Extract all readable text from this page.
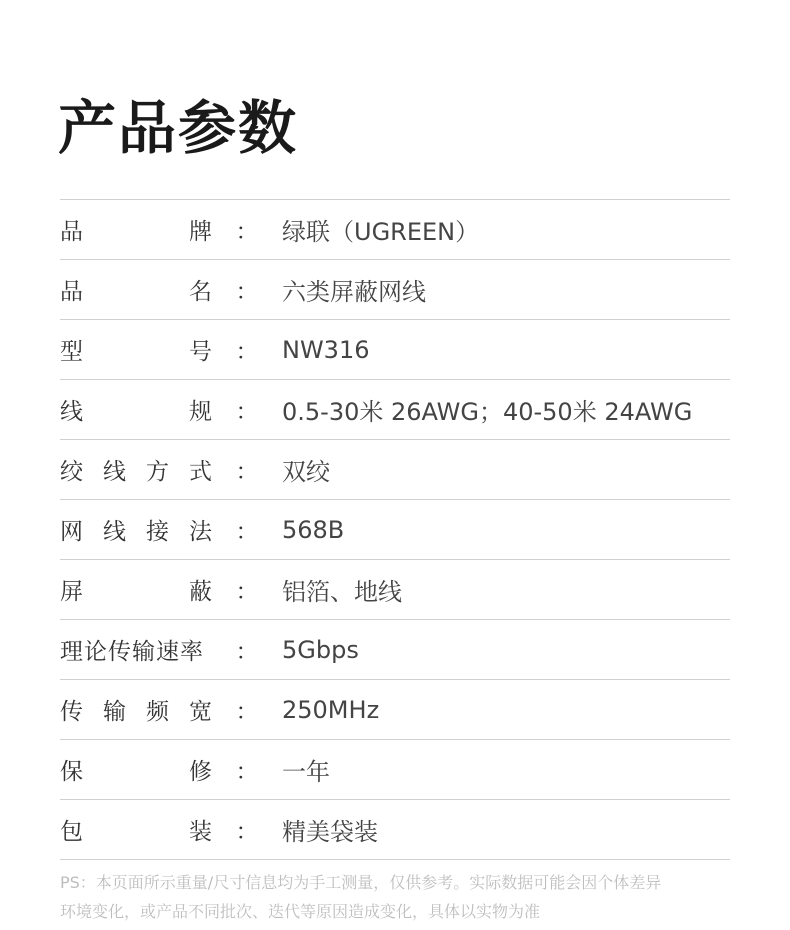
产品参数
品	牌	： 绿联（UGREEN）
品	名	： 六类屏蔽网线
型	号	： NW316
线	规	： 0.5-30米 26AWG；40-50米 24AWG
绞 线 方 式	： 双绞
网 线 接 法	： 568B
屏	蔽	： 铝箔、地线
理论传输速率	： 5Gbps
传 输 频 宽	： 250MHz
保	修	： 一年
包	装	： 精美袋装
PS：本页面所示重量/尺寸信息均为手工测量，仅供参考。实际数据可能会因个体差异
环境变化，或产品不同批次、迭代等原因造成变化，具体以实物为准
